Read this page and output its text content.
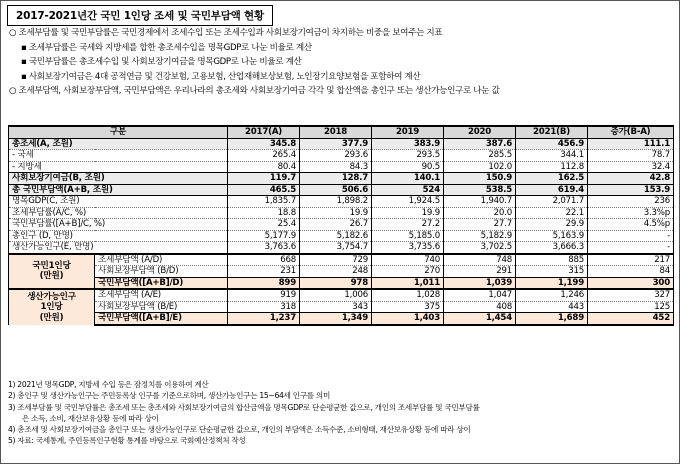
2017-2021년간 국민 1인당 조세 및 국민부담액 현황
○ 조세부담률 및 국민부담률은 국민경제에서 조세수입 또는 조세수입과 사회보장기여금이 차지하는 비중을 보여주는 지표
▪ 조세부담률은 국세와 지방세를 합한 총조세수입을 명목GDP로 나눈 비율로 계산
▪ 국민부담률은 총조세수입 및 사회보장기여금을 명목GDP로 나눈 비율로 계산
▪ 사회보장기여금은 4대 공적연금 및 건강보험, 고용보험, 산업재해보상보험, 노인장기요양보험을 포함하여 계산
○ 조세부담액, 사회보장부담액, 국민부담액은 우리나라의 총조세와 사회보장기여금 각각 및 합산액을 총인구 또는 생산가능인구로 나눈 값
구분		2017(A)	2018	2019	2020	2021(B)	증가(B-A)
총조세(A, 조원)		345.8	377.9	383.9	387.6	456.9	111.1
- 국세		265.4	293.6	293.5	285.5	344.1	78.7
- 지방세		80.4	84.3	90.5	102.0	112.8	32.4
사회보장기여금(B, 조원)		119.7	128.7	140.1	150.9	162.5	42.8
총 국민부담액(A+B, 조원)		465.5	506.6	524	538.5	619.4	153.9
명목GDP(C, 조원)		1,835.7	1,898.2	1,924.5	1,940.7	2,071.7	236
조세부담률(A/C, %)		18.8	19.9	19.9	20.0	22.1	3.3%p
국민부담률([A+B]/C, %)		25.4	26.7	27.2	27.7	29.9	4.5%p
총인구 (D, 만명)		5,177.9	5,182.6	5,185.0	5,182.9	5,163.9	-
생산가능인구(E, 만명)		3,763.6	3,754.7	3,735.6	3,702.5	3,666.3	-

국민1인당
(만원)	조세부담액 (A/D)	668	729	740	748	885	217
	사회보장부담액 (B/D)	231	248	270	291	315	84
	국민부담액([A+B]/D)	899	978	1,011	1,039	1,199	300

생산가능인구
1인당
(만원)	조세부담액 (A/E)	919	1,006	1,028	1,047	1,246	327
	사회보장부담액 (B/E)	318	343	375	408	443	125
	국민부담액([A+B]/E)	1,237	1,349	1,403	1,454	1,689	452
1) 2021년 명목GDP, 지방세 수입 등은 잠정치를 이용하여 계산
2) 총인구 및 생산가능인구는 주민등록상 인구를 기준으로하며, 생산가능인구는 15~64세 인구를 의미
3) 조세부담률 및 국민부담률은 총조세 또는 총조세와 사회보장기여금의 합산금액을 명목GDP로 단순평균한 값으로, 개인의 조세부담률 및 국민부담률
은 소득, 소비, 재산보유상황 등에 따라 상이
4) 총조세 및 사회보장기여금을 총인구 또는 생산가능인구로 단순평균한 값으로, 개인의 부담액은 소득수준, 소비형태, 재산보유상황 등에 따라 상이
5) 자료: 국세통계, 주민등록인구현황 통계를 바탕으로 국회예산정책처 작성
